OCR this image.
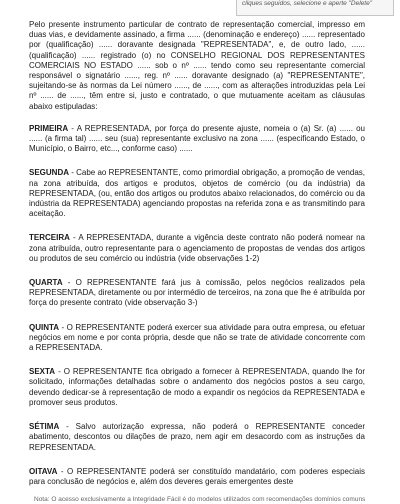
cliques seguidos, selecione e aperte "Delete"

Pelo presente instrumento particular de contrato de representação comercial, impresso em duas vias, e devidamente assinado, a firma ...... (denominação e endereço) ...... representado por (qualificação) ...... doravante designada "REPRESENTADA", e, de outro lado, ...... (qualificação) ...... registrado (o) no CONSELHO REGIONAL DOS REPRESENTANTES COMERCIAIS NO ESTADO ...... sob o nº ...... tendo como seu representante comercial responsável o signatário ......, reg. nº ...... doravante designado (a) "REPRESENTANTE", sujeitando-se às normas da Lei número ......, de ......, com as alterações introduzidas pela Lei nº ...... de ......, têm entre si, justo e contratado, o que mutuamente aceitam as cláusulas abaixo estipuladas:

PRIMEIRA - A REPRESENTADA, por força do presente ajuste, nomeia o (a) Sr. (a) ...... ou ...... (a firma tal) ...... seu (sua) representante exclusivo na zona ...... (especificando Estado, o Município, o Bairro, etc..., conforme caso) ......

SEGUNDA - Cabe ao REPRESENTANTE, como primordial obrigação, a promoção de vendas, na zona atribuída, dos artigos e produtos, objetos de comércio (ou da indústria) da REPRESENTADA, (ou, então dos artigos ou produtos abaixo relacionados, do comércio ou da indústria da REPRESENTADA) agenciando propostas na referida zona e as transmitindo para aceitação.

TERCEIRA - A REPRESENTADA, durante a vigência deste contrato não poderá nomear na zona atribuída, outro representante para o agenciamento de propostas de vendas dos artigos ou produtos de seu comércio ou indústria (vide observações 1-2)

QUARTA - O REPRESENTANTE fará jus à comissão, pelos negócios realizados pela REPRESENTADA, diretamente ou por intermédio de terceiros, na zona que lhe é atribuída por força do presente contrato (vide observação 3-)

QUINTA - O REPRESENTANTE poderá exercer sua atividade para outra empresa, ou efetuar negócios em nome e por conta própria, desde que não se trate de atividade concorrente com a REPRESENTADA.

SEXTA - O REPRESENTANTE fica obrigado a fornecer à REPRESENTADA, quando lhe for solicitado, informações detalhadas sobre o andamento dos negócios postos a seu cargo, devendo dedicar-se à representação de modo a expandir os negócios da REPRESENTADA e promover seus produtos.

SÉTIMA - Salvo autorização expressa, não poderá o REPRESENTANTE conceder abatimento, descontos ou dilações de prazo, nem agir em desacordo com as instruções da REPRESENTADA.

OITAVA - O REPRESENTANTE poderá ser constituído mandatário, com poderes especiais para conclusão de negócios e, além dos deveres gerais emergentes deste

Nota: O acesso exclusivamente a Integridade Fácil é do modelos utilizados com recomendações domínios comuns
